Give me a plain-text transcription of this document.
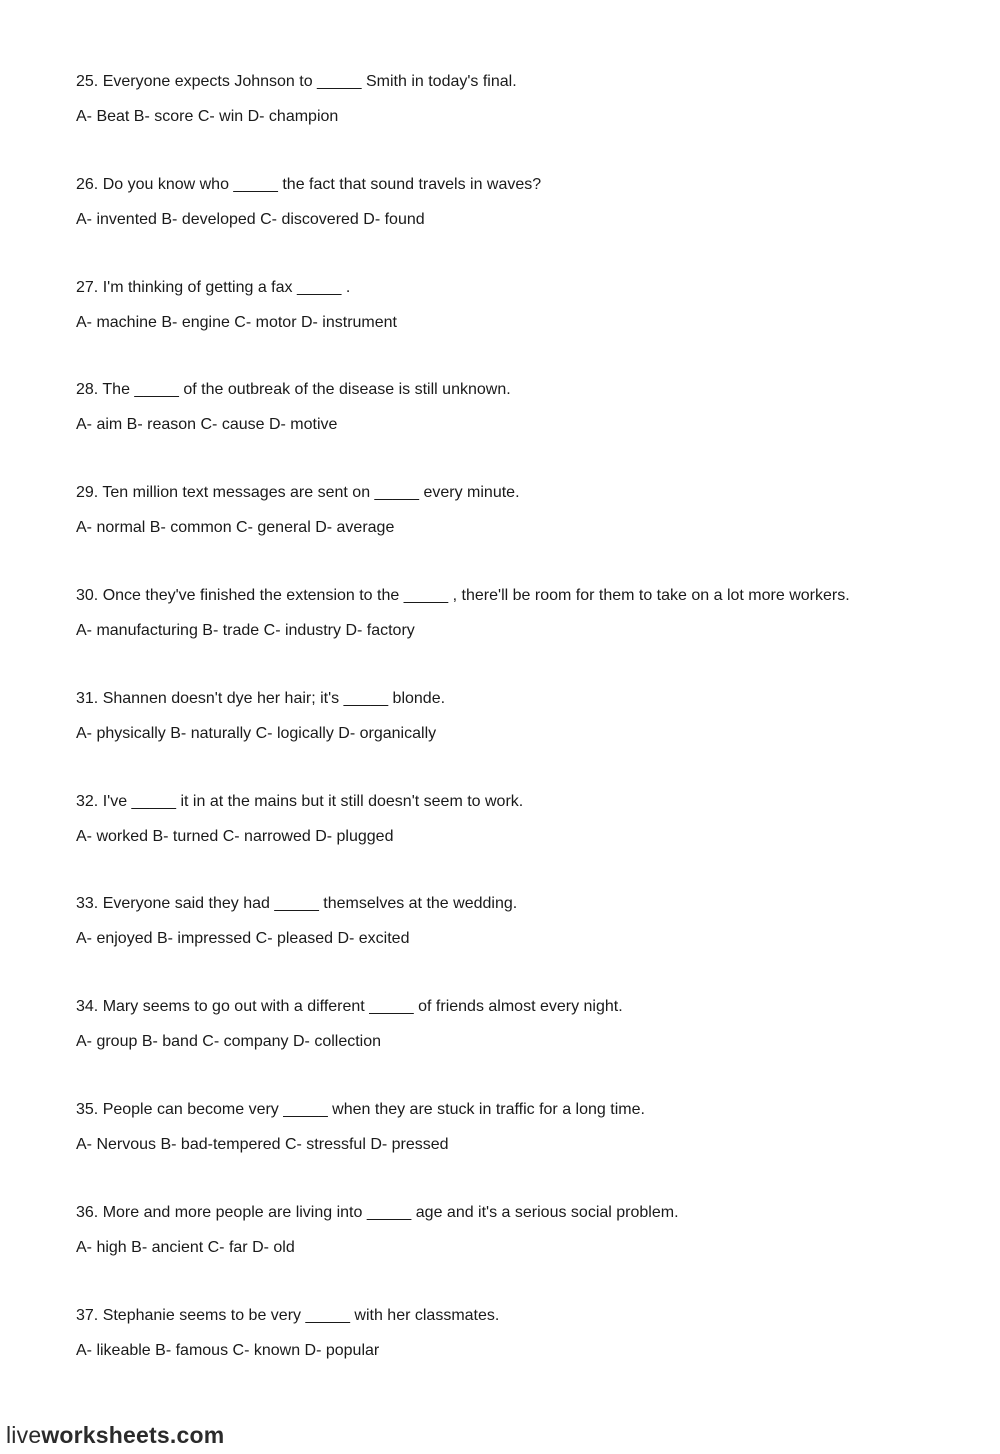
25. Everyone expects Johnson to _____ Smith in today's final.
A- Beat B- score C- win D- champion
26. Do you know who _____ the fact that sound travels in waves?
A- invented B- developed C- discovered D- found
27. I'm thinking of getting a fax _____ .
A- machine B- engine C- motor D- instrument
28. The _____ of the outbreak of the disease is still unknown.
A- aim B- reason C- cause D- motive
29. Ten million text messages are sent on _____ every minute.
A- normal B- common C- general D- average
30. Once they've finished the extension to the _____ , there'll be room for them to take on a lot more workers.
A- manufacturing B- trade C- industry D- factory
31. Shannen doesn't dye her hair; it's _____ blonde.
A- physically B- naturally C- logically D- organically
32. I've _____ it in at the mains but it still doesn't seem to work.
A- worked B- turned C- narrowed D- plugged
33. Everyone said they had _____ themselves at the wedding.
A- enjoyed B- impressed C- pleased D- excited
34. Mary seems to go out with a different _____ of friends almost every night.
A- group B- band C- company D- collection
35. People can become very _____ when they are stuck in traffic for a long time.
A- Nervous B- bad-tempered C- stressful D- pressed
36. More and more people are living into _____ age and it's a serious social problem.
A- high B- ancient C- far D- old
37. Stephanie seems to be very _____ with her classmates.
A- likeable B- famous C- known D- popular
liveworksheets.com
